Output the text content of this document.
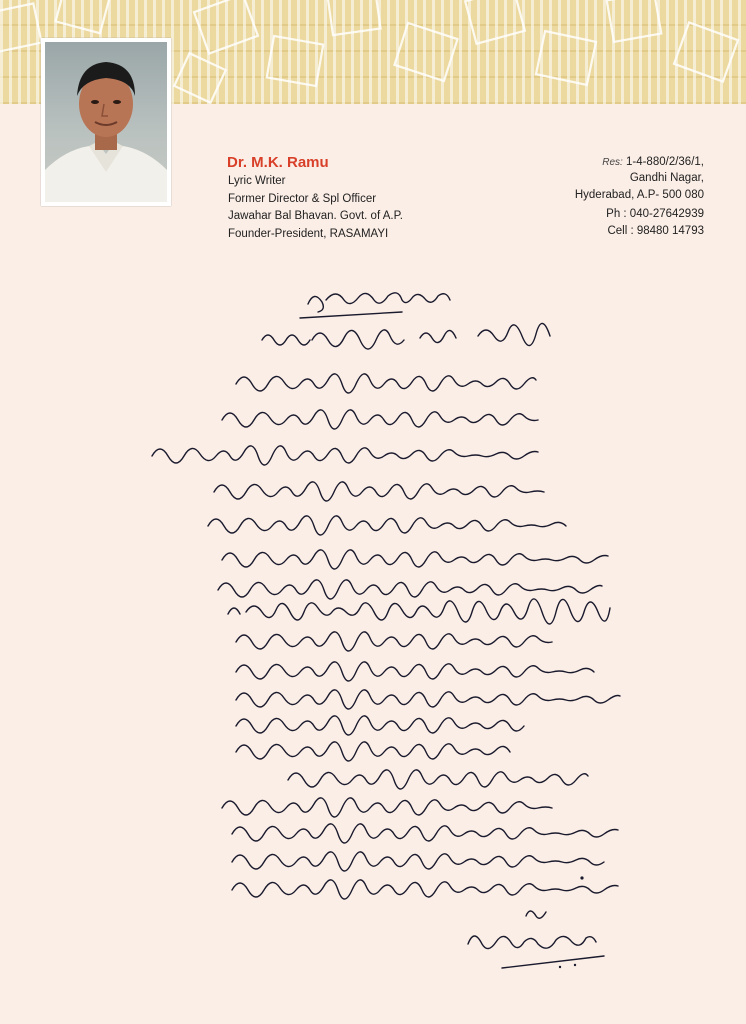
Dr. M.K. Ramu
Lyric Writer
Former Director & Spl Officer
Jawahar Bal Bhavan. Govt. of A.P.
Founder-President, RASAMAYI
Res: 1-4-880/2/36/1,
Gandhi Nagar,
Hyderabad, A.P- 500 080
Ph : 040-27642939
Cell : 98480 14793
